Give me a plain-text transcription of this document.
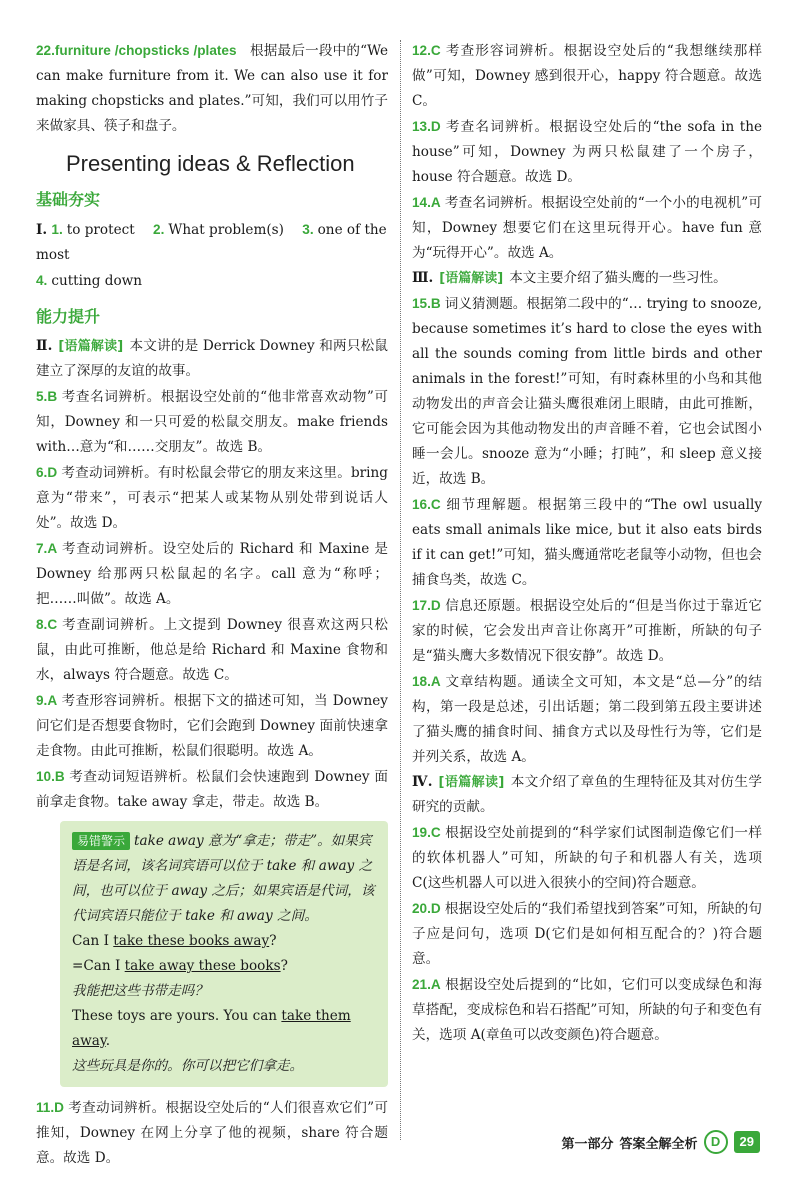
22.furniture /chopsticks /plates 根据最后一段中的“We can make furniture from it. We can also use it for making chopsticks and plates.”可知，我们可以用竹子来做家具、筷子和盘子。

Presenting ideas & Reflection
基础夯实
Ⅰ. 1. to protect 2. What problem(s) 3. one of the most
4. cutting down
能力提升

Ⅱ. [语篇解读] 本文讲的是 Derrick Downey 和两只松鼠建立了深厚的友谊的故事。

5.B 考查名词辨析。根据设空处前的“他非常喜欢动物”可知，Downey 和一只可爱的松鼠交朋友。make friends with…意为“和……交朋友”。故选 B。

6.D 考查动词辨析。有时松鼠会带它的朋友来这里。bring 意为“带来”，可表示“把某人或某物从别处带到说话人处”。故选 D。

7.A 考查动词辨析。设空处后的 Richard 和 Maxine 是 Downey 给那两只松鼠起的名字。call 意为“称呼；把……叫做”。故选 A。

8.C 考查副词辨析。上文提到 Downey 很喜欢这两只松鼠，由此可推断，他总是给 Richard 和 Maxine 食物和水，always 符合题意。故选 C。

9.A 考查形容词辨析。根据下文的描述可知，当 Downey 问它们是否想要食物时，它们会跑到 Downey 面前快速拿走食物。由此可推断，松鼠们很聪明。故选 A。

10.B 考查动词短语辨析。松鼠们会快速跑到 Downey 面前拿走食物。take away 拿走，带走。故选 B。

易错警示 take away 意为“拿走；带走”。如果宾语是名词，该名词宾语可以位于 take 和 away 之间，也可以位于 away 之后；如果宾语是代词，该代词宾语只能位于 take 和 away 之间。
Can I take these books away?
=Can I take away these books?
我能把这些书带走吗？
These toys are yours. You can take them away.
这些玩具是你的。你可以把它们拿走。

11.D 考查动词辨析。根据设空处后的“人们很喜欢它们”可推知，Downey 在网上分享了他的视频，share 符合题意。故选 D。

12.C 考查形容词辨析。根据设空处后的“我想继续那样做”可知，Downey 感到很开心，happy 符合题意。故选 C。

13.D 考查名词辨析。根据设空处后的“the sofa in the house”可知，Downey 为两只松鼠建了一个房子，house 符合题意。故选 D。

14.A 考查名词辨析。根据设空处前的“一个小的电视机”可知，Downey 想要它们在这里玩得开心。have fun 意为“玩得开心”。故选 A。

Ⅲ. [语篇解读] 本文主要介绍了猫头鹰的一些习性。

15.B 词义猜测题。根据第二段中的“… trying to snooze, because sometimes it’s hard to close the eyes with all the sounds coming from little birds and other animals in the forest!”可知，有时森林里的小鸟和其他动物发出的声音会让猫头鹰很难闭上眼睛，由此可推断，它可能会因为其他动物发出的声音睡不着，它也会试图小睡一会儿。snooze 意为“小睡；打盹”，和 sleep 意义接近，故选 B。

16.C 细节理解题。根据第三段中的“The owl usually eats small animals like mice, but it also eats birds if it can get!”可知，猫头鹰通常吃老鼠等小动物，但也会捕食鸟类，故选 C。

17.D 信息还原题。根据设空处后的“但是当你过于靠近它家的时候，它会发出声音让你离开”可推断，所缺的句子是“猫头鹰大多数情况下很安静”。故选 D。

18.A 文章结构题。通读全文可知，本文是“总—分”的结构，第一段是总述，引出话题；第二段到第五段主要讲述了猫头鹰的捕食时间、捕食方式以及母性行为等，它们是并列关系，故选 A。

Ⅳ. [语篇解读] 本文介绍了章鱼的生理特征及其对仿生学研究的贡献。

19.C 根据设空处前提到的“科学家们试图制造像它们一样的软体机器人”可知，所缺的句子和机器人有关，选项 C(这些机器人可以进入很狭小的空间)符合题意。

20.D 根据设空处后的“我们希望找到答案”可知，所缺的句子应是问句，选项 D(它们是如何相互配合的？)符合题意。

21.A 根据设空处后提到的“比如，它们可以变成绿色和海草搭配，变成棕色和岩石搭配”可知，所缺的句子和变色有关，选项 A(章鱼可以改变颜色)符合题意。

第一部分 答案全解全析	D	29
